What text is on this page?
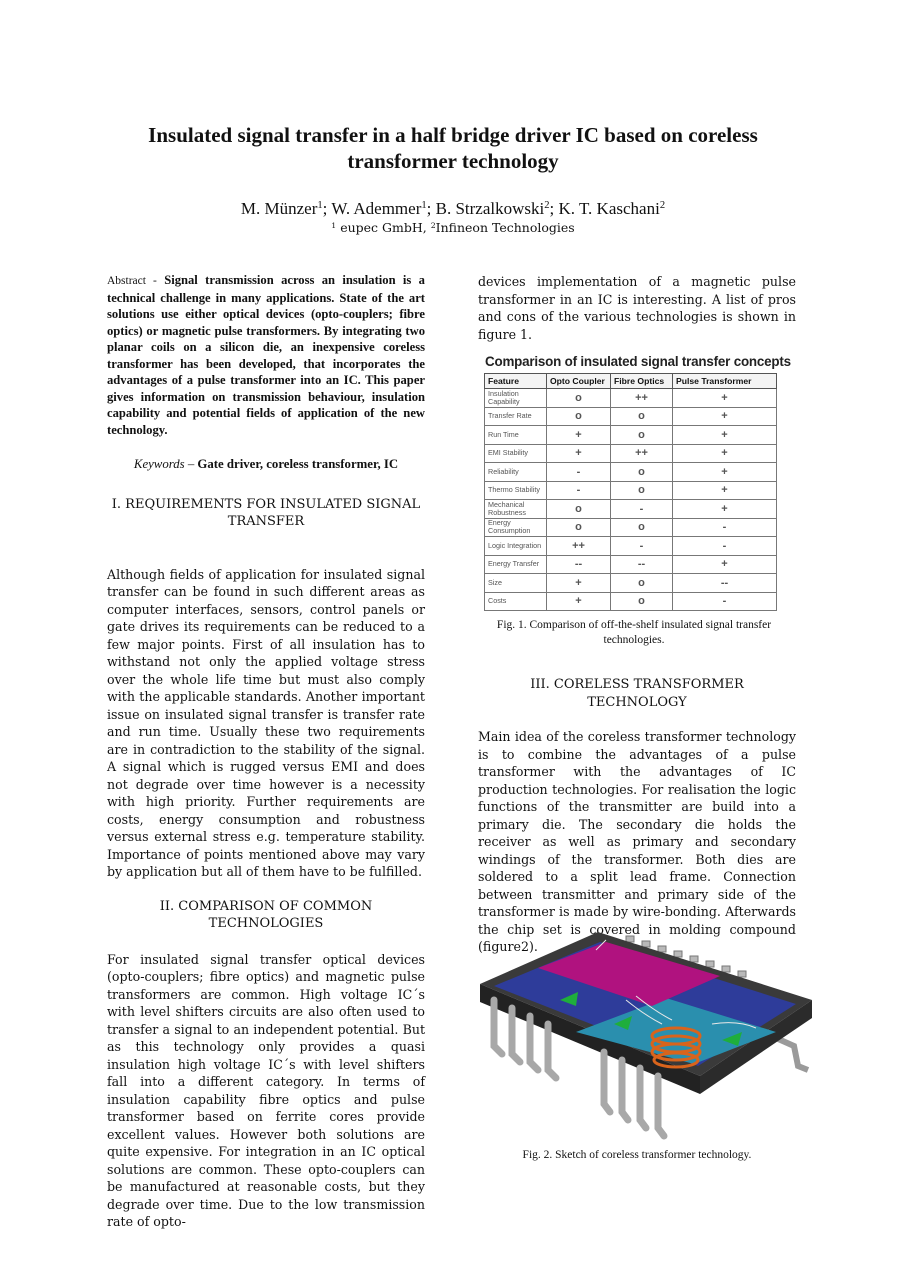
Insulated signal transfer in a half bridge driver IC based on coreless transformer technology
M. Münzer$^1$; W. Ademmer$^1$; B. Strzalkowski$^2$; K. T. Kaschani$^2$
$^1$ eupec GmbH, $^2$Infineon Technologies

Abstract - Signal transmission across an insulation is a technical challenge in many applications. State of the art solutions use either optical devices (opto-couplers; fibre optics) or magnetic pulse transformers. By integrating two planar coils on a silicon die, an inexpensive coreless transformer has been developed, that incorporates the advantages of a pulse transformer into an IC. This paper gives information on transmission behaviour, insulation capability and potential fields of application of the new technology.

Keywords – Gate driver, coreless transformer, IC

I. REQUIREMENTS FOR INSULATED SIGNAL
TRANSFER

Although fields of application for insulated signal transfer can be found in such different areas as computer interfaces, sensors, control panels or gate drives its requirements can be reduced to a few major points. First of all insulation has to withstand not only the applied voltage stress over the whole life time but must also comply with the applicable standards. Another important issue on insulated signal transfer is transfer rate and run time. Usually these two requirements are in contradiction to the stability of the signal. A signal which is rugged versus EMI and does not degrade over time however is a necessity with high priority. Further requirements are costs, energy consumption and robustness versus external stress e.g. temperature stability. Importance of points mentioned above may vary by application but all of them have to be fulfilled.

II. COMPARISON OF COMMON
TECHNOLOGIES

For insulated signal transfer optical devices (opto-couplers; fibre optics) and magnetic pulse transformers are common. High voltage IC´s with level shifters circuits are also often used to transfer a signal to an independent potential. But as this technology only provides a quasi insulation high voltage IC´s with level shifters fall into a different category. In terms of insulation capability fibre optics and pulse transformer based on ferrite cores provide excellent values. However both solutions are quite expensive. For integration in an IC optical solutions are common. These opto-couplers can be manufactured at reasonable costs, but they degrade over time. Due to the low transmission rate of opto-

devices implementation of a magnetic pulse transformer in an IC is interesting. A list of pros and cons of the various technologies is shown in figure 1.

Comparison of insulated signal transfer concepts
Feature	Opto Coupler	Fibre Optics	Pulse Transformer
Insulation Capability	o	++	+
Transfer Rate	o	o	+
Run Time	+	o	+
EMI Stability	+	++	+
Reliability	-	o	+
Thermo Stability	-	o	+
Mechanical Robustness	o	-	+
Energy Consumption	o	o	-
Logic Integration	++	-	-
Energy Transfer	--	--	+
Size	+	o	--
Costs	+	o	-
Fig. 1. Comparison of off-the-shelf insulated signal transfer
technologies.

III. CORELESS TRANSFORMER
TECHNOLOGY

Main idea of the coreless transformer technology is to combine the advantages of a pulse transformer with the advantages of IC production technologies. For realisation the logic functions of the transmitter are build into a primary die. The secondary die holds the receiver as well as primary and secondary windings of the transformer. Both dies are soldered to a split lead frame. Connection between transmitter and primary side of the transformer is made by wire-bonding. Afterwards the chip set is covered in molding compound (figure2).

Fig. 2. Sketch of coreless transformer technology.
